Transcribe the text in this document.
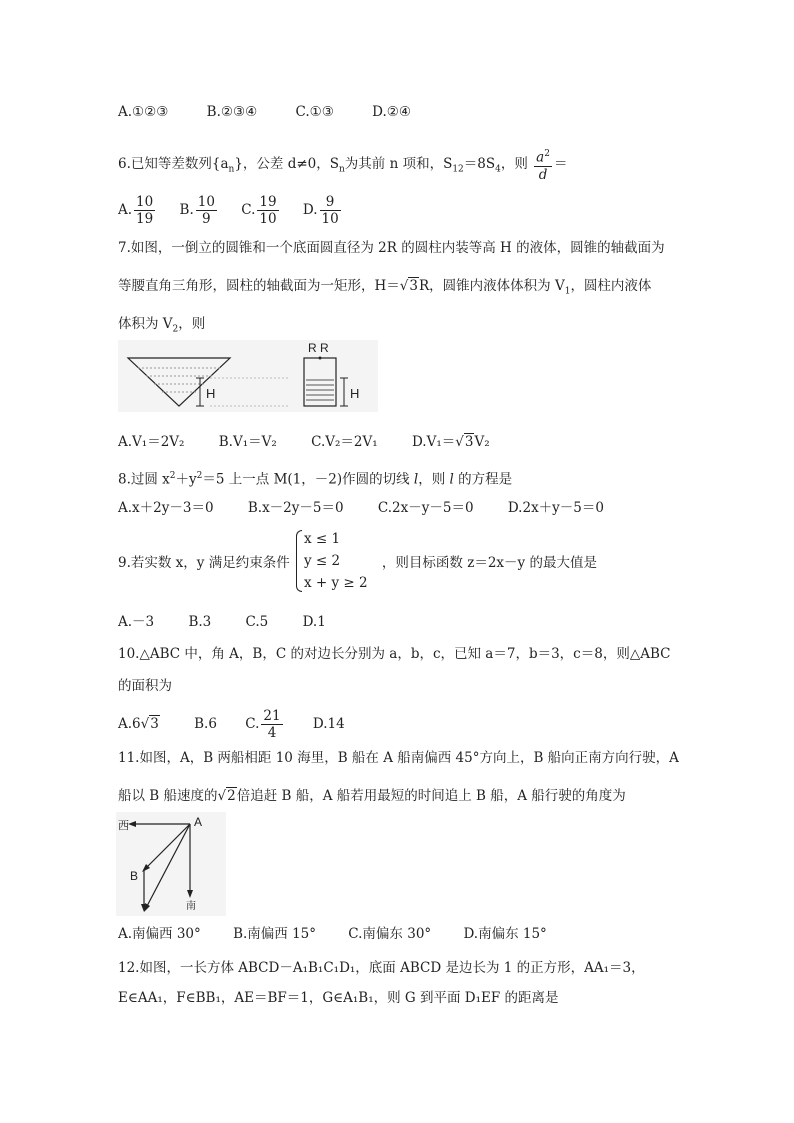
A.①②③	B.②③④	C.①③	D.②④
6.已知等差数列$\{a_n\}$，公差 d≠0，$S_n$为其前 n 项和，$S_{12}=8S_4$，则 $\frac{a^2}{d}$ ＝
A. $\frac{10}{19} B$. $\frac{10}{9} C$. $\frac{19}{10} D$. $\frac{9}{10}$
7.如图，一倒立的圆锥和一个底面圆直径为 2R 的圆柱内装等高 H 的液体，圆锥的轴截面为
等腰直角三角形，圆柱的轴截面为一矩形，H＝√3R，圆锥内液体体积为 $V_1$，圆柱内液体
体积为 $V_2$，则
H
R R
H
A.V₁＝2V₂	B.V₁＝V₂	C.V₂＝2V₁	D.V₁＝√3V₂
8.过圆 $x^2+y^2=5$ 上一点 M(1，－2)作圆的切线 l，则 l 的方程是
A.x＋2y－3＝0	B.x－2y－5＝0	C.2x－y－5＝0	D.2x＋y－5＝0
9.若实数 x，y 满足约束条件
x ≤ 1
y ≤ 2
x + y ≥ 2
，则目标函数 z＝2x－y 的最大值是
A.－3	B.3	C.5	D.1
10.△ABC 中，角 A，B，C 的对边长分别为 a，b，c，已知 a＝7，b＝3，c＝8，则△ABC
的面积为
A.6√3	B.6 C. $\frac{21}{4} D.14$
11.如图，A，B 两船相距 10 海里，B 船在 A 船南偏西 45°方向上，B 船向正南方向行驶，A
船以 B 船速度的√2倍追赶 B 船，A 船若用最短的时间追上 B 船，A 船行驶的角度为
西	A
南
B
A.南偏西 30° B.南偏西 15° C.南偏东 30° D.南偏东 15°
12.如图，一长方体 ABCD－A₁B₁C₁D₁，底面 ABCD 是边长为 1 的正方形，AA₁＝3，
E∈AA₁，F∈BB₁，AE＝BF＝1，G∈A₁B₁，则 G 到平面 D₁EF 的距离是
